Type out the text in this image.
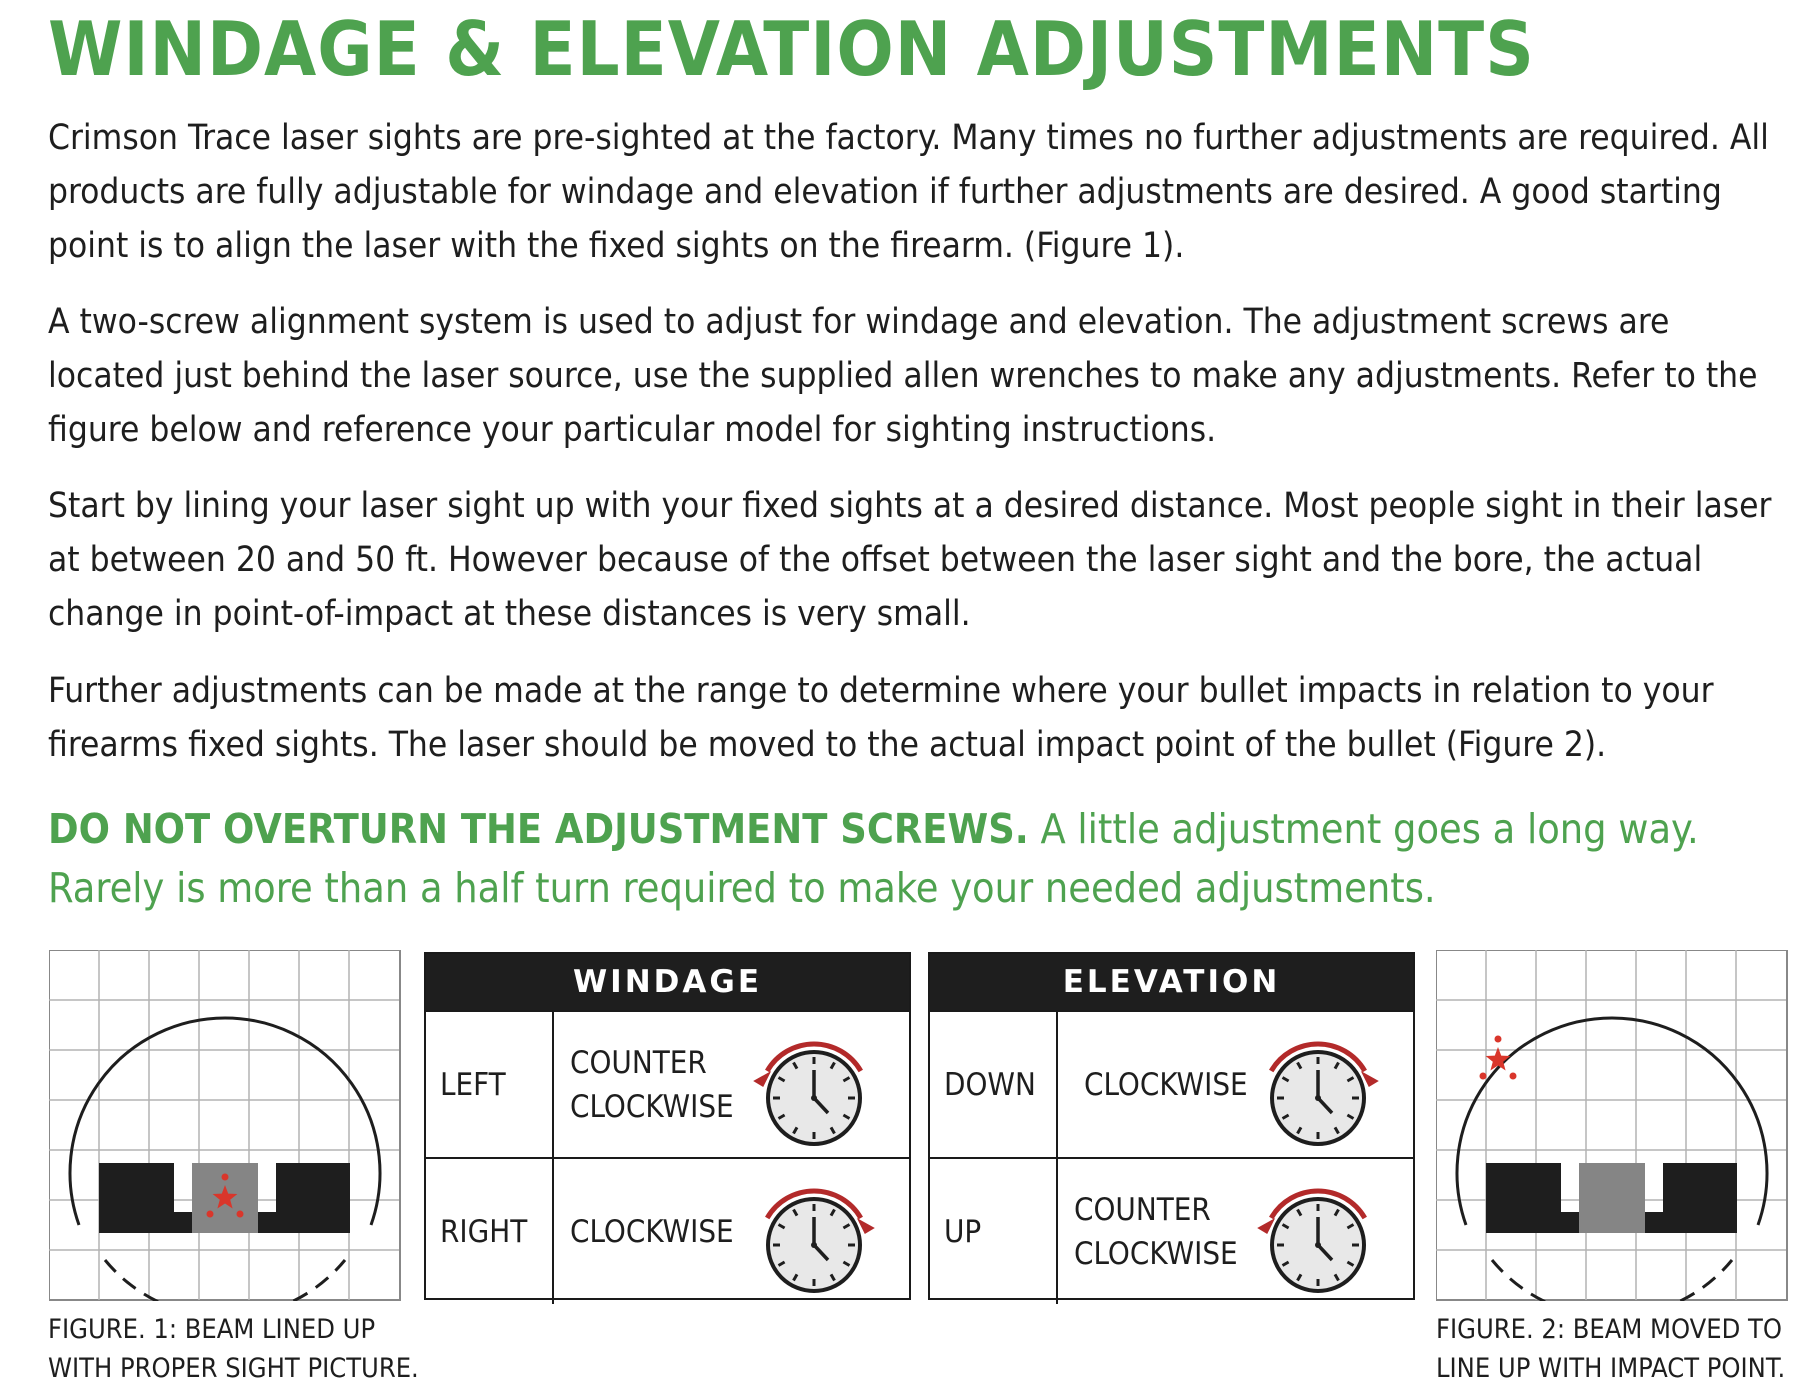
WINDAGE & ELEVATION ADJUSTMENTS

Crimson Trace laser sights are pre-sighted at the factory. Many times no further adjustments are required. All products are fully adjustable for windage and elevation if further adjustments are desired. A good starting point is to align the laser with the fixed sights on the firearm. (Figure 1).

A two-screw alignment system is used to adjust for windage and elevation. The adjustment screws are located just behind the laser source, use the supplied allen wrenches to make any adjustments. Refer to the figure below and reference your particular model for sighting instructions.

Start by lining your laser sight up with your fixed sights at a desired distance. Most people sight in their laser at between 20 and 50 ft. However because of the offset between the laser sight and the bore, the actual change in point-of-impact at these distances is very small.

Further adjustments can be made at the range to determine where your bullet impacts in relation to your firearms fixed sights. The laser should be moved to the actual impact point of the bullet (Figure 2).

DO NOT OVERTURN THE ADJUSTMENT SCREWS. A little adjustment goes a long way. Rarely is more than a half turn required to make your needed adjustments.

FIGURE. 1: BEAM LINED UP

WITH PROPER SIGHT PICTURE.

WINDAGE
LEFT
COUNTER
CLOCKWISE
RIGHT	CLOCKWISE
ELEVATION
DOWN	CLOCKWISE
UP
COUNTER
CLOCKWISE

FIGURE. 2: BEAM MOVED TO

LINE UP WITH IMPACT POINT.
